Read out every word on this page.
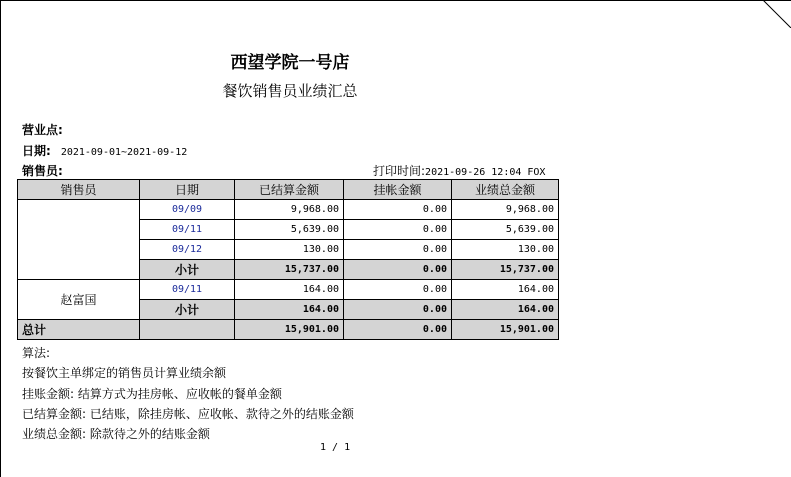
西望学院一号店
餐饮销售员业绩汇总
营业点:
日期: 2021-09-01~2021-09-12
销售员:	打印时间:2021-09-26 12:04 FOX
销售员	日期	已结算金额	挂帐金额	业绩总金额
	09/09	9,968.00	0.00	9,968.00
	09/11	5,639.00	0.00	5,639.00
	09/12	130.00	0.00	130.00
	小计	15,737.00	0.00	15,737.00
赵富国	09/11	164.00	0.00	164.00
	小计	164.00	0.00	164.00
总计		15,901.00	0.00	15,901.00
算法:
按餐饮主单绑定的销售员计算业绩余额
挂账金额: 结算方式为挂房帐、应收帐的餐单金额
已结算金额: 已结账，除挂房帐、应收帐、款待之外的结账金额
业绩总金额: 除款待之外的结账金额
1 / 1
